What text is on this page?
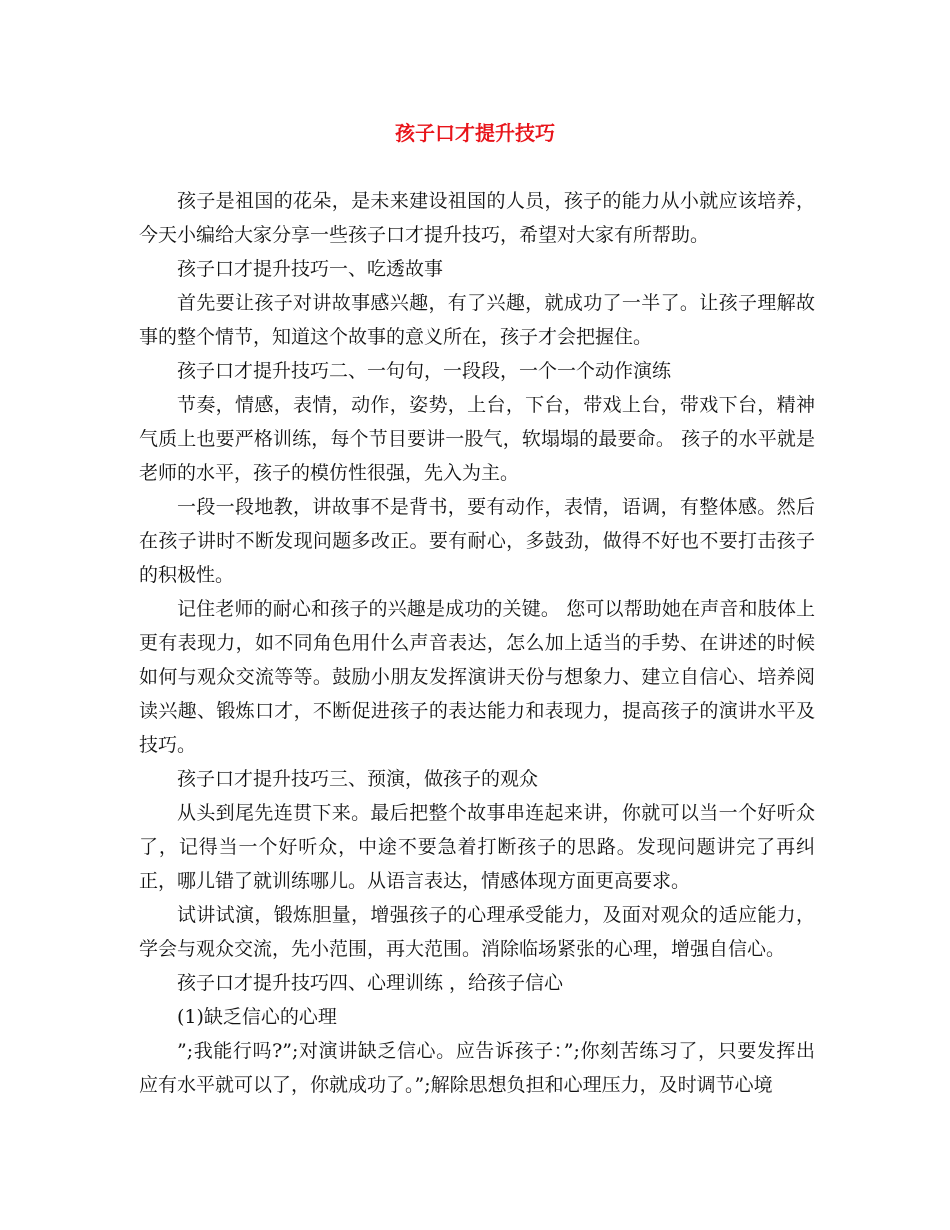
孩子口才提升技巧

孩子是祖国的花朵，是未来建设祖国的人员，孩子的能力从小就应该培养，今天小编给大家分享一些孩子口才提升技巧，希望对大家有所帮助。

孩子口才提升技巧一、吃透故事

首先要让孩子对讲故事感兴趣，有了兴趣，就成功了一半了。让孩子理解故事的整个情节，知道这个故事的意义所在，孩子才会把握住。

孩子口才提升技巧二、一句句，一段段，一个一个动作演练

节奏，情感，表情，动作，姿势，上台，下台，带戏上台，带戏下台，精神气质上也要严格训练，每个节目要讲一股气，软塌塌的最要命。 孩子的水平就是老师的水平，孩子的模仿性很强，先入为主。

一段一段地教，讲故事不是背书，要有动作，表情，语调，有整体感。然后在孩子讲时不断发现问题多改正。要有耐心，多鼓劲，做得不好也不要打击孩子的积极性。

记住老师的耐心和孩子的兴趣是成功的关键。 您可以帮助她在声音和肢体上更有表现力，如不同角色用什么声音表达，怎么加上适当的手势、在讲述的时候如何与观众交流等等。鼓励小朋友发挥演讲天份与想象力、建立自信心、培养阅读兴趣、锻炼口才，不断促进孩子的表达能力和表现力，提高孩子的演讲水平及技巧。

孩子口才提升技巧三、预演，做孩子的观众

从头到尾先连贯下来。最后把整个故事串连起来讲，你就可以当一个好听众了，记得当一个好听众，中途不要急着打断孩子的思路。发现问题讲完了再纠正，哪儿错了就训练哪儿。从语言表达，情感体现方面更高要求。

试讲试演，锻炼胆量，增强孩子的心理承受能力，及面对观众的适应能力，学会与观众交流，先小范围，再大范围。消除临场紧张的心理，增强自信心。

孩子口才提升技巧四、心理训练 ，给孩子信心

(1)缺乏信心的心理

”;我能行吗?”;对演讲缺乏信心。应告诉孩子：”;你刻苦练习了，只要发挥出应有水平就可以了，你就成功了。”;解除思想负担和心理压力，及时调节心境
